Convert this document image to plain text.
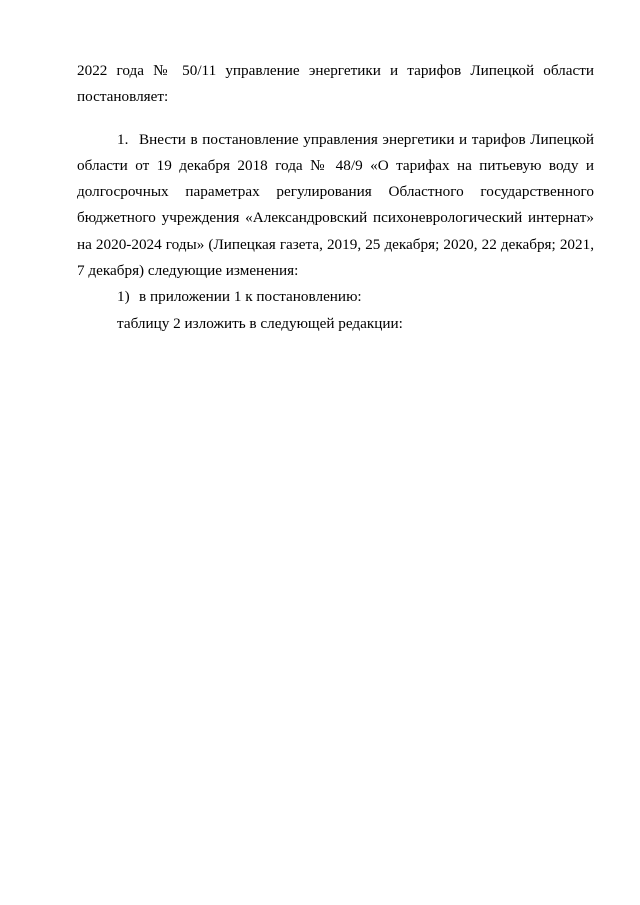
2022 года № 50/11 управление энергетики и тарифов Липецкой области

постановляет:

1. Внести в постановление управления энергетики и тарифов Липецкой

области от 19 декабря 2018 года № 48/9 «О тарифах на питьевую воду и

долгосрочных параметрах регулирования Областного государственного

бюджетного учреждения «Александровский психоневрологический интернат»

на 2020-2024 годы» (Липецкая газета, 2019, 25 декабря; 2020, 22 декабря; 2021,

7 декабря) следующие изменения:

1) в приложении 1 к постановлению:

таблицу 2 изложить в следующей редакции:
